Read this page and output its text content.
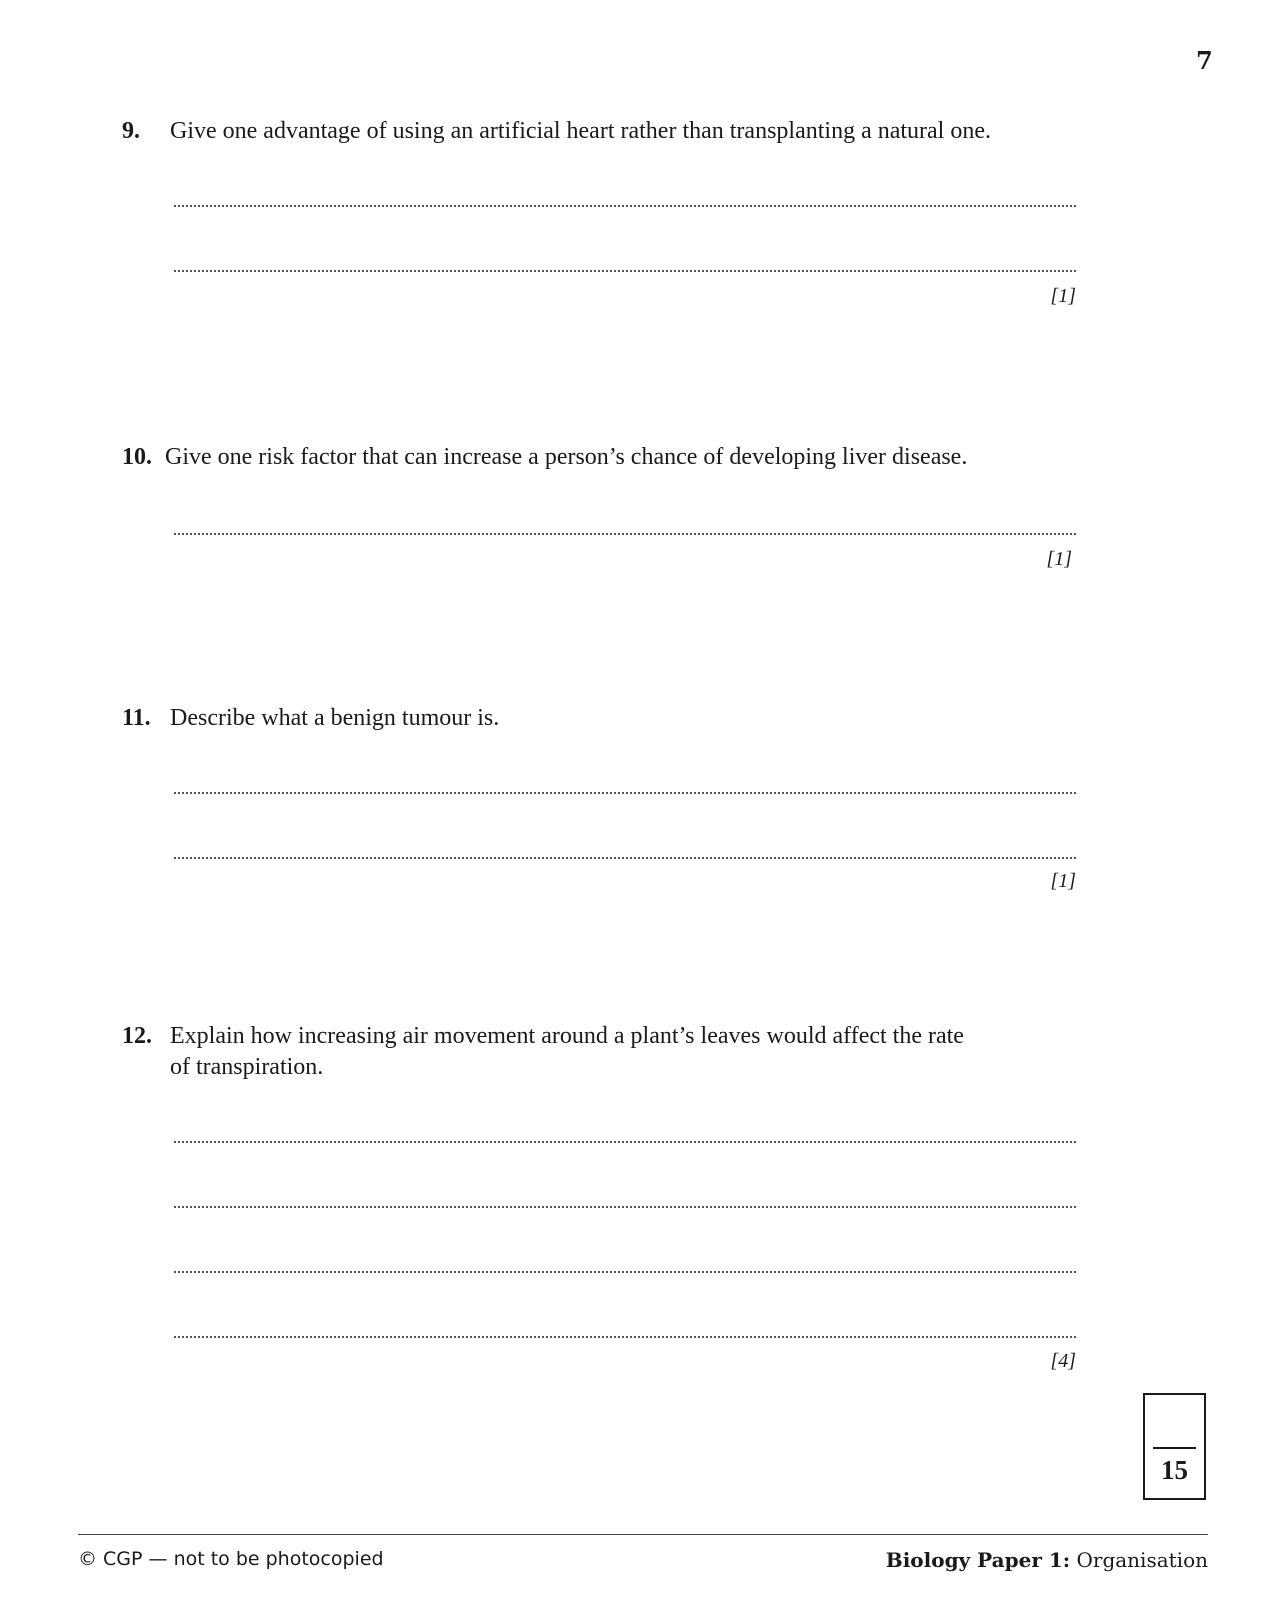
7
9. Give one advantage of using an artificial heart rather than transplanting a natural one.
[1]
10. Give one risk factor that can increase a person’s chance of developing liver disease.
[1]
11. Describe what a benign tumour is.
[1]
12. Explain how increasing air movement around a plant’s leaves would affect the rate
of transpiration.
[4]
15
© CGP — not to be photocopied	Biology Paper 1: Organisation
